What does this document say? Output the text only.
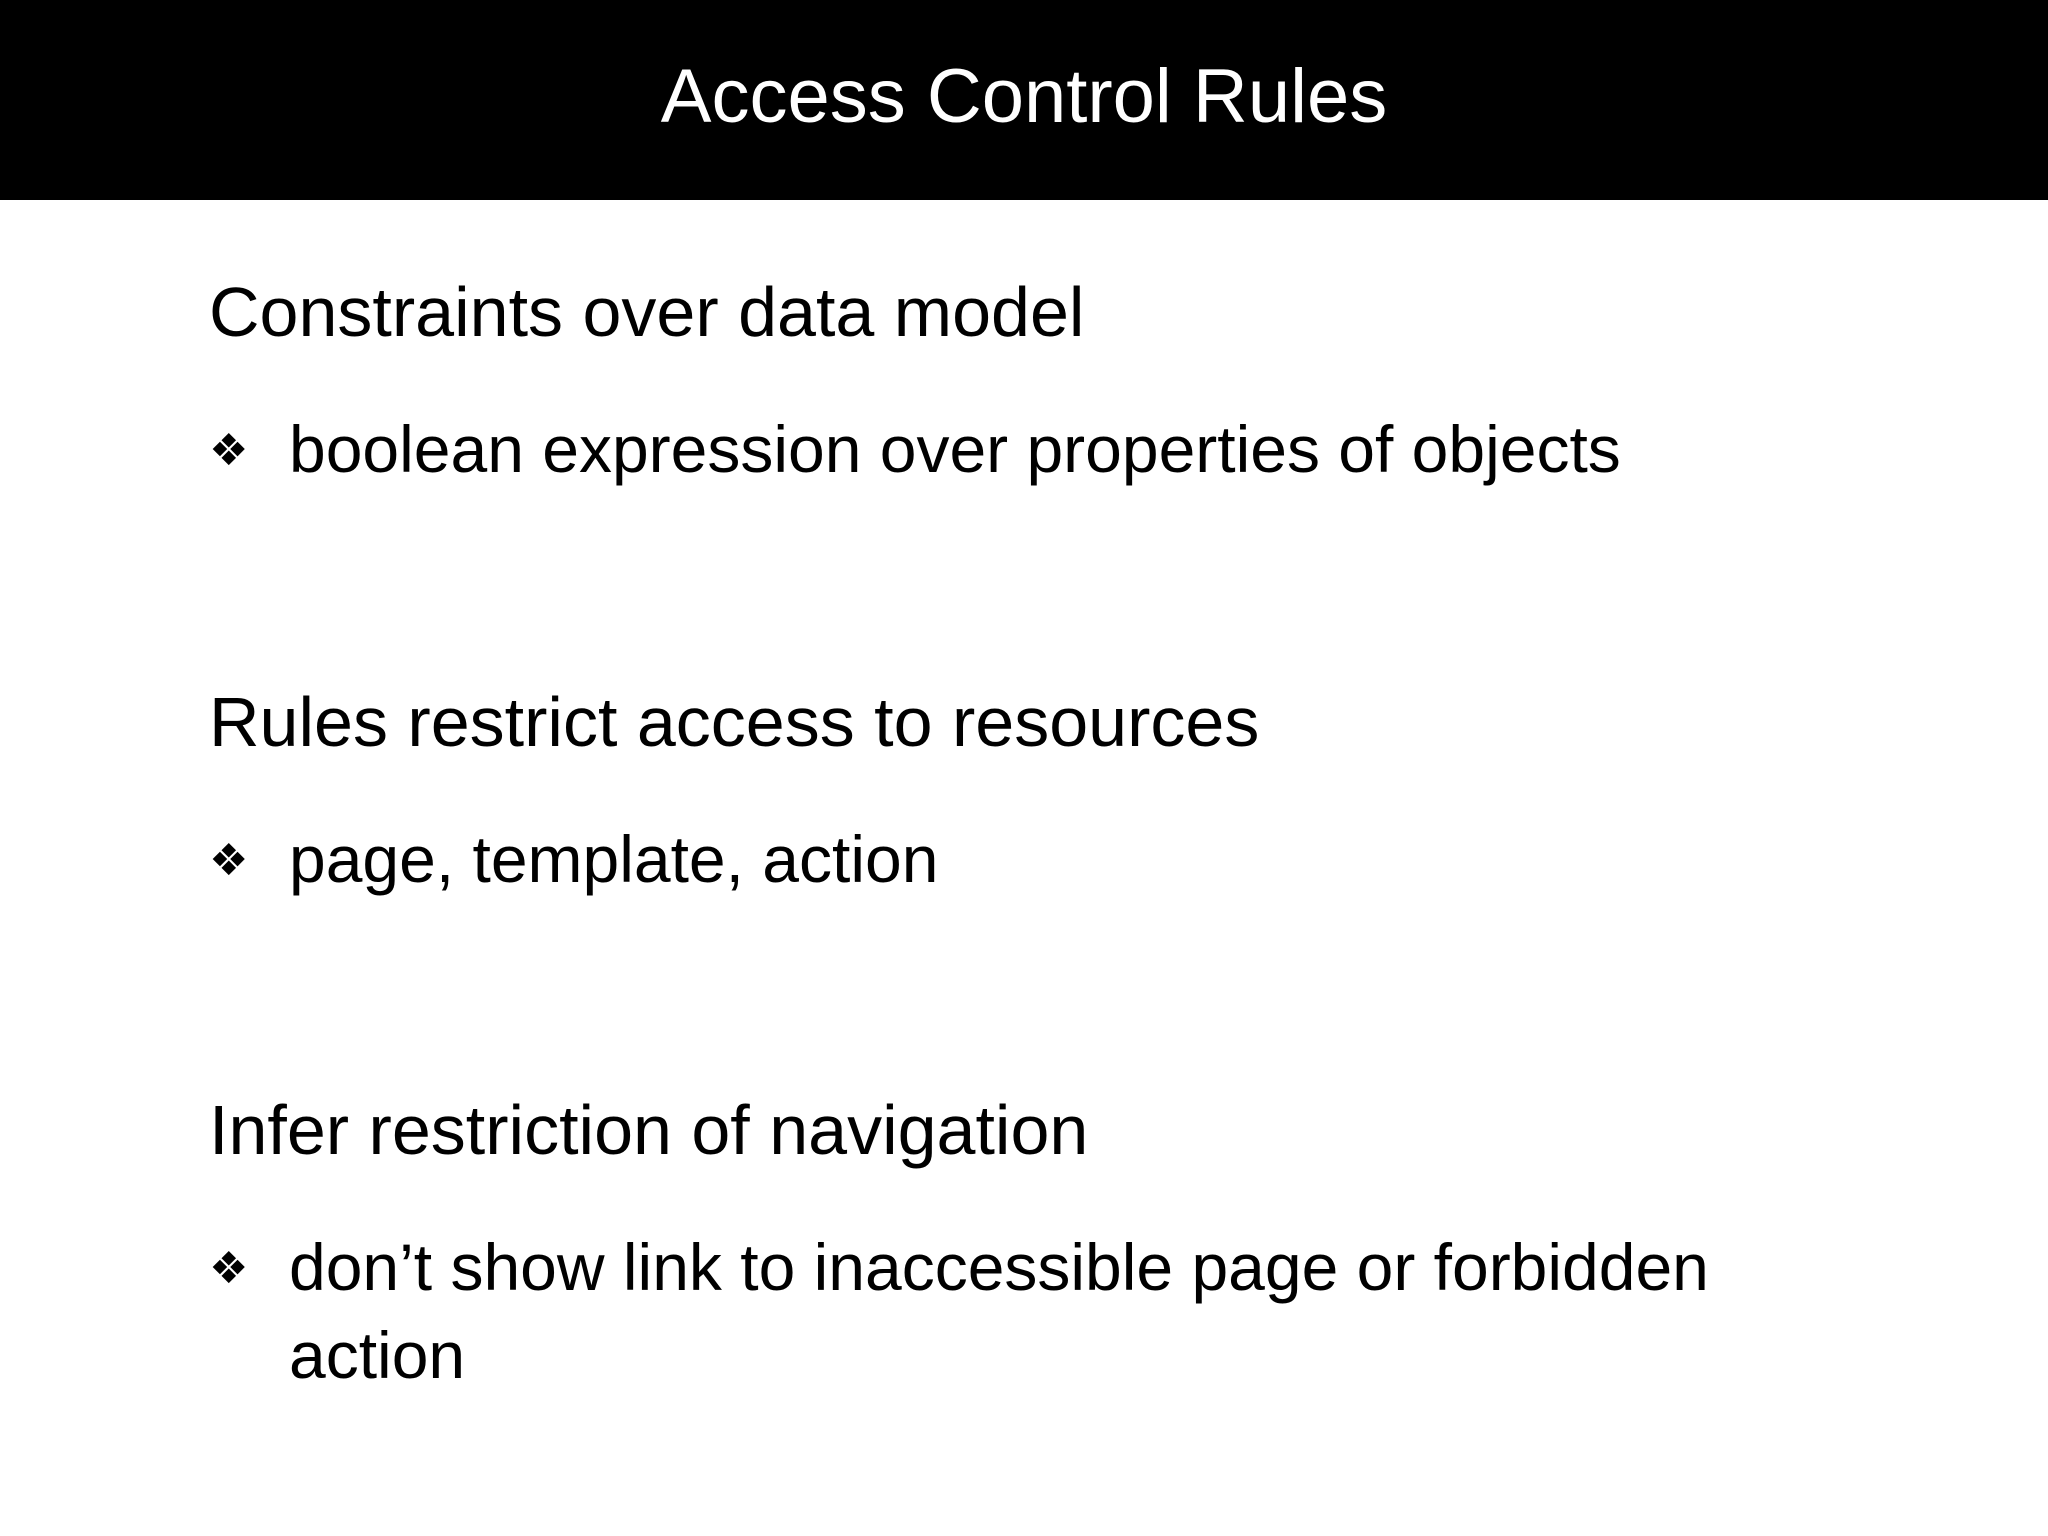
Access Control Rules
Constraints over data model
❖ boolean expression over properties of objects
Rules restrict access to resources
❖ page, template, action
Infer restriction of navigation
❖ don’t show link to inaccessible page or forbidden action
